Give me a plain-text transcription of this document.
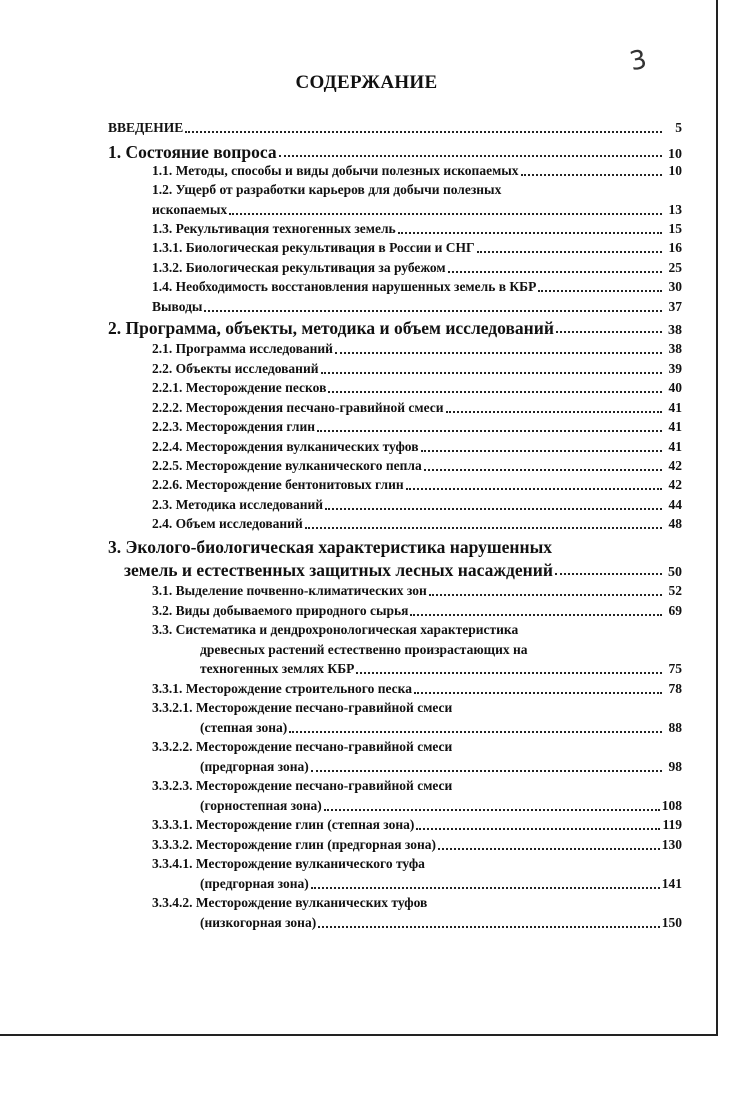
3
СОДЕРЖАНИЕ
ВВЕДЕНИЕ	5
1. Состояние вопроса	10
1.1. Методы, способы и виды добычи полезных ископаемых	10
1.2. Ущерб от разработки карьеров для добычи полезных
ископаемых	13
1.3. Рекультивация техногенных земель	15
1.3.1. Биологическая рекультивация в России и СНГ	16
1.3.2. Биологическая рекультивация за рубежом	25
1.4. Необходимость восстановления нарушенных земель в КБР	30
Выводы	37
2. Программа, объекты, методика и объем исследований	38
2.1. Программа исследований	38
2.2. Объекты исследований	39
2.2.1. Месторождение песков	40
2.2.2. Месторождения песчано-гравийной смеси	41
2.2.3. Месторождения глин	41
2.2.4. Месторождения вулканических туфов	41
2.2.5. Месторождение вулканического пепла	42
2.2.6. Месторождение бентонитовых глин	42
2.3. Методика исследований	44
2.4. Объем исследований	48
3. Эколого-биологическая характеристика нарушенных
земель и естественных защитных лесных насаждений	50
3.1. Выделение почвенно-климатических зон	52
3.2. Виды добываемого природного сырья	69
3.3. Систематика и дендрохронологическая характеристика
древесных растений естественно произрастающих на
техногенных землях КБР	75
3.3.1. Месторождение строительного песка	78
3.3.2.1. Месторождение песчано-гравийной смеси
(степная зона)	88
3.3.2.2. Месторождение песчано-гравийной смеси
(предгорная зона)	98
3.3.2.3. Месторождение песчано-гравийной смеси
(горностепная зона)	108
3.3.3.1. Месторождение глин (степная зона)	119
3.3.3.2. Месторождение глин (предгорная зона)	130
3.3.4.1. Месторождение вулканического туфа
(предгорная зона)	141
3.3.4.2. Месторождение вулканических туфов
(низкогорная зона)	150
